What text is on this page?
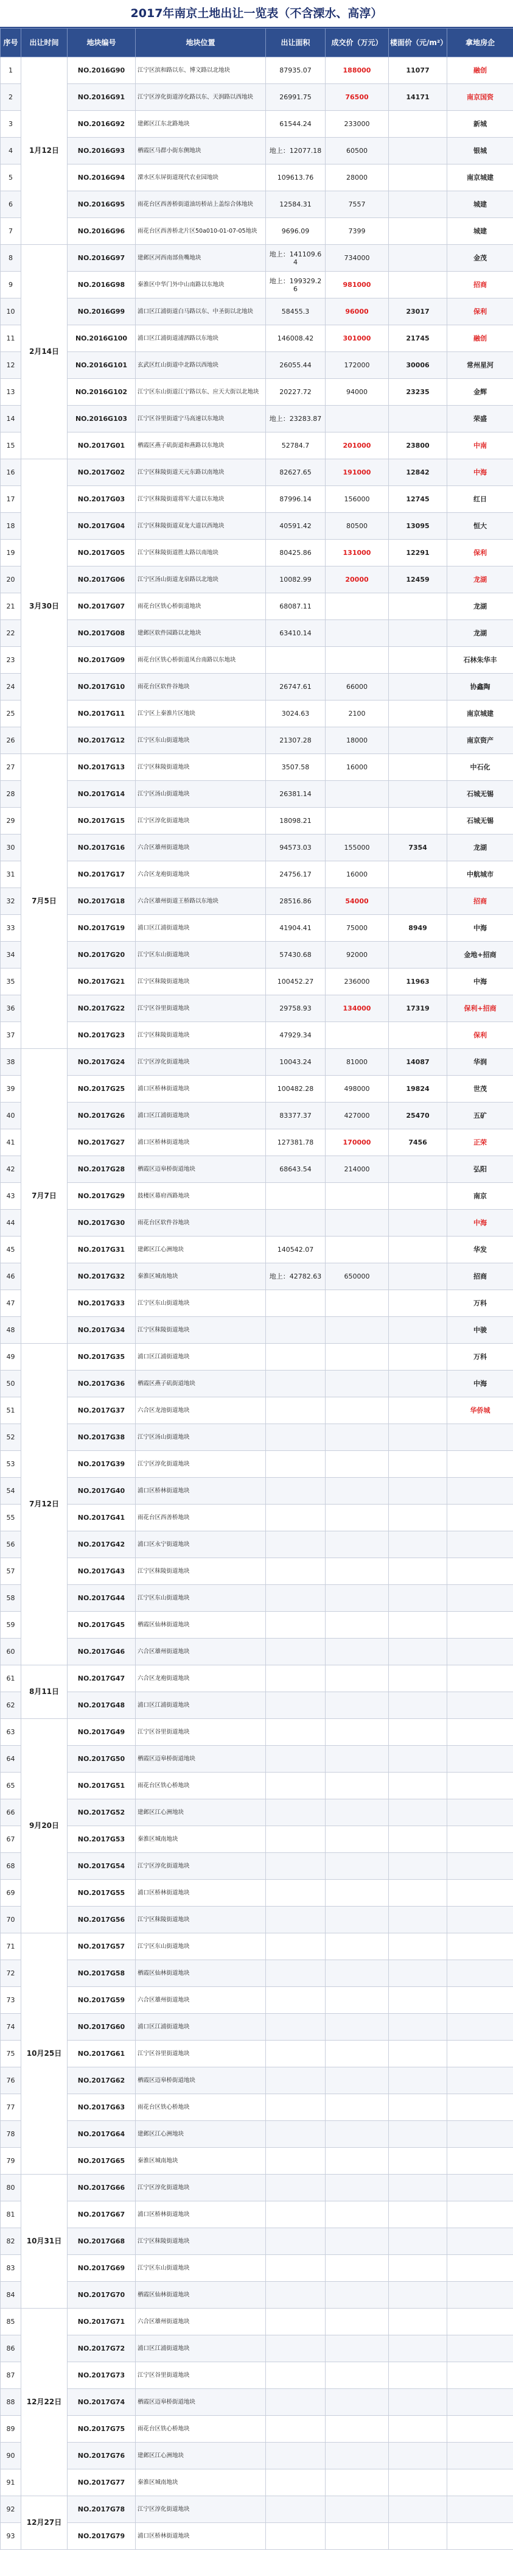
2017年南京土地出让一览表（不含溧水、高淳）
序号	出让时间	地块编号	地块位置	出让面积	成交价（万元）	楼面价（元/m²）	拿地房企
1	1月12日	NO.2016G90	江宁区滨和路以东、博文路以北地块	87935.07	188000	11077	融创
2		NO.2016G91	江宁区淳化街道淳化路以东、天润路以西地块	26991.75	76500	14171	南京国资
3		NO.2016G92	建邺区江东北路地块	61544.24	233000		新城
4		NO.2016G93	栖霞区马群小街东侧地块	地上：12077.18	60500		银城
5		NO.2016G94	溧水区东屏街道现代农业园地块	109613.76	28000		南京城建
6		NO.2016G95	雨花台区西善桥街道油坊桥站上盖综合体地块	12584.31	7557		城建
7		NO.2016G96	雨花台区西善桥北片区50a010-01-07-05地块	9696.09	7399		城建
8	2月14日	NO.2016G97	建邺区河西南部鱼嘴地块	地上：141109.64	734000		金茂
9		NO.2016G98	秦淮区中华门外中山南路以东地块	地上：199329.26	981000		招商
10		NO.2016G99	浦口区江浦街道白马路以东、中圣街以北地块	58455.3	96000	23017	保利
11		NO.2016G100	浦口区江浦街道浦泗路以东地块	146008.42	301000	21745	融创
12		NO.2016G101	玄武区红山街道中北路以西地块	26055.44	172000	30006	常州星河
13		NO.2016G102	江宁区东山街道江宁路以东、应天大街以北地块	20227.72	94000	23235	金辉
14		NO.2016G103	江宁区谷里街道宁马高速以东地块	地上：23283.87			荣盛
15		NO.2017G01	栖霞区燕子矶街道和燕路以东地块	52784.7	201000	23800	中南
16	3月30日	NO.2017G02	江宁区秣陵街道天元东路以南地块	82627.65	191000	12842	中海
17		NO.2017G03	江宁区秣陵街道将军大道以东地块	87996.14	156000	12745	红日
18		NO.2017G04	江宁区秣陵街道双龙大道以西地块	40591.42	80500	13095	恒大
19		NO.2017G05	江宁区秣陵街道胜太路以南地块	80425.86	131000	12291	保利
20		NO.2017G06	江宁区汤山街道龙泉路以北地块	10082.99	20000	12459	龙湖
21		NO.2017G07	雨花台区铁心桥街道地块	68087.11			龙湖
22		NO.2017G08	建邺区软件园路以北地块	63410.14			龙湖
23		NO.2017G09	雨花台区铁心桥街道凤台南路以东地块				石林朱华丰
24		NO.2017G10	雨花台区软件谷地块	26747.61	66000		协鑫陶
25		NO.2017G11	江宁区上秦淮片区地块	3024.63	2100		南京城建
26		NO.2017G12	江宁区东山街道地块	21307.28	18000		南京资产
27	7月5日	NO.2017G13	江宁区秣陵街道地块	3507.58	16000		中石化
28		NO.2017G14	江宁区汤山街道地块	26381.14			石城无锡
29		NO.2017G15	江宁区淳化街道地块	18098.21			石城无锡
30		NO.2017G16	六合区雄州街道地块	94573.03	155000	7354	龙湖
31		NO.2017G17	六合区龙袍街道地块	24756.17	16000		中航城市
32		NO.2017G18	六合区雄州街道王桥路以东地块	28516.86	54000		招商
33		NO.2017G19	浦口区江浦街道地块	41904.41	75000	8949	中海
34		NO.2017G20	江宁区东山街道地块	57430.68	92000		金地+招商
35		NO.2017G21	江宁区秣陵街道地块	100452.27	236000	11963	中海
36		NO.2017G22	江宁区谷里街道地块	29758.93	134000	17319	保利+招商
37		NO.2017G23	江宁区秣陵街道地块	47929.34			保利
38	7月7日	NO.2017G24	江宁区淳化街道地块	10043.24	81000	14087	华润
39		NO.2017G25	浦口区桥林街道地块	100482.28	498000	19824	世茂
40		NO.2017G26	浦口区江浦街道地块	83377.37	427000	25470	五矿
41		NO.2017G27	浦口区桥林街道地块	127381.78	170000	7456	正荣
42		NO.2017G28	栖霞区迈皋桥街道地块	68643.54	214000		弘阳
43		NO.2017G29	鼓楼区幕府西路地块				南京
44		NO.2017G30	雨花台区软件谷地块				中海
45		NO.2017G31	建邺区江心洲地块	140542.07			华发
46		NO.2017G32	秦淮区城南地块	地上：42782.63	650000		招商
47		NO.2017G33	江宁区东山街道地块				万科
48		NO.2017G34	江宁区秣陵街道地块				中骏
49	7月12日	NO.2017G35	浦口区江浦街道地块				万科
50		NO.2017G36	栖霞区燕子矶街道地块				中海
51		NO.2017G37	六合区龙池街道地块				华侨城
52		NO.2017G38	江宁区汤山街道地块				
53		NO.2017G39	江宁区淳化街道地块				
54		NO.2017G40	浦口区桥林街道地块				
55		NO.2017G41	雨花台区西善桥地块				
56		NO.2017G42	浦口区永宁街道地块				
57		NO.2017G43	江宁区秣陵街道地块				
58		NO.2017G44	江宁区东山街道地块				
59		NO.2017G45	栖霞区仙林街道地块				
60		NO.2017G46	六合区雄州街道地块				
61	8月11日	NO.2017G47	六合区龙袍街道地块				
62		NO.2017G48	浦口区江浦街道地块				
63	9月20日	NO.2017G49	江宁区谷里街道地块				
64		NO.2017G50	栖霞区迈皋桥街道地块				
65		NO.2017G51	雨花台区铁心桥地块				
66		NO.2017G52	建邺区江心洲地块				
67		NO.2017G53	秦淮区城南地块				
68		NO.2017G54	江宁区淳化街道地块				
69		NO.2017G55	浦口区桥林街道地块				
70		NO.2017G56	江宁区秣陵街道地块				
71	10月25日	NO.2017G57	江宁区东山街道地块				
72		NO.2017G58	栖霞区仙林街道地块				
73		NO.2017G59	六合区雄州街道地块				
74		NO.2017G60	浦口区江浦街道地块				
75		NO.2017G61	江宁区谷里街道地块				
76		NO.2017G62	栖霞区迈皋桥街道地块				
77		NO.2017G63	雨花台区铁心桥地块				
78		NO.2017G64	建邺区江心洲地块				
79		NO.2017G65	秦淮区城南地块				
80	10月31日	NO.2017G66	江宁区淳化街道地块				
81		NO.2017G67	浦口区桥林街道地块				
82		NO.2017G68	江宁区秣陵街道地块				
83		NO.2017G69	江宁区东山街道地块				
84		NO.2017G70	栖霞区仙林街道地块				
85	12月22日	NO.2017G71	六合区雄州街道地块				
86		NO.2017G72	浦口区江浦街道地块				
87		NO.2017G73	江宁区谷里街道地块				
88		NO.2017G74	栖霞区迈皋桥街道地块				
89		NO.2017G75	雨花台区铁心桥地块				
90		NO.2017G76	建邺区江心洲地块				
91		NO.2017G77	秦淮区城南地块				
92	12月27日	NO.2017G78	江宁区淳化街道地块				
93		NO.2017G79	浦口区桥林街道地块				
